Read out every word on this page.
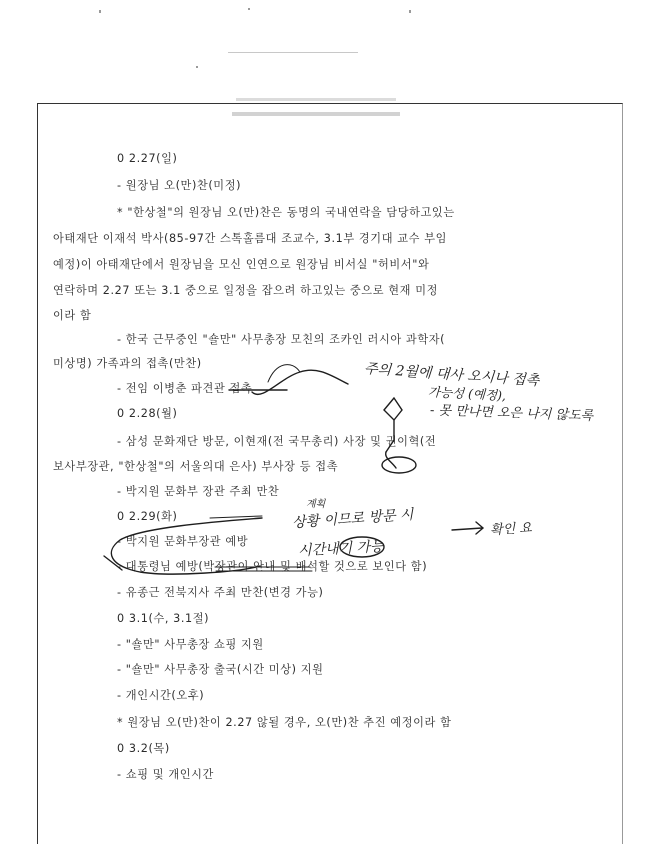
0 2.27(일)
- 원장님 오(만)찬(미정)
* "한상철"의 원장님 오(만)찬은 동명의 국내연락을 담당하고있는
아태재단 이재석 박사(85-97간 스톡홀름대 조교수, 3.1부 경기대 교수 부임
예정)이 아태재단에서 원장님을 모신 인연으로 원장님 비서실 "허비서"와
연락하며 2.27 또는 3.1 중으로 일정을 잡으려 하고있는 중으로 현재 미정
이라 함
- 한국 근무중인 "숄만" 사무총장 모친의 조카인 러시아 과학자(
미상명) 가족과의 접촉(만찬)
- 전임 이병춘 파견관 접촉
0 2.28(월)
- 삼성 문화재단 방문, 이현재(전 국무총리) 사장 및 권이혁(전
보사부장관, "한상철"의 서울의대 은사) 부사장 등 접촉
- 박지원 문화부 장관 주최 만찬
0 2.29(화)
- 박지원 문화부장관 예방
- 대통령님 예방(박장관이 안내 및 배석할 것으로 보인다 함)
- 유종근 전북지사 주최 만찬(변경 가능)
0 3.1(수, 3.1절)
- "숄만" 사무총장 쇼핑 지원
- "숄만" 사무총장 출국(시간 미상) 지원
- 개인시간(오후)
* 원장님 오(만)찬이 2.27 않될 경우, 오(만)찬 추진 예정이라 함
0 3.2(목)
- 쇼핑 및 개인시간
주의 2월에 대사 오시나 접촉
가능성 (예정),
- 못 만나면 오은 나지 않도록
계획
상황 이므로 방문 시
시간내기 가능
확인 요
